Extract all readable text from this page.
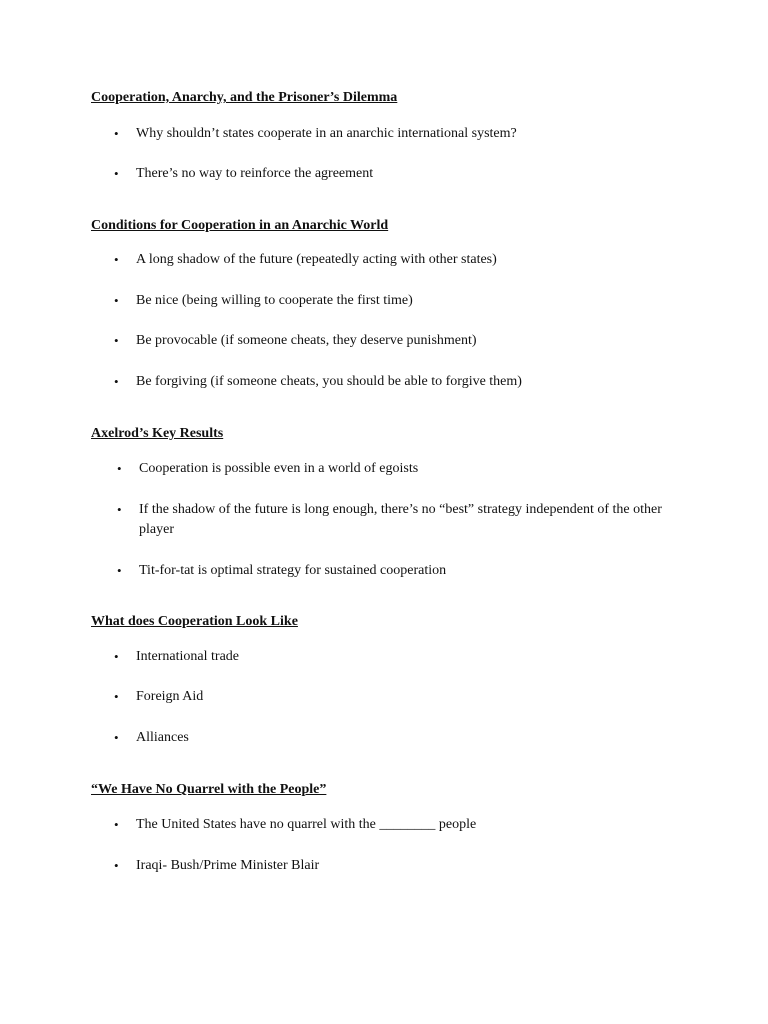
Cooperation, Anarchy, and the Prisoner’s Dilemma
•	Why shouldn’t states cooperate in an anarchic international system?
•	There’s no way to reinforce the agreement
Conditions for Cooperation in an Anarchic World
•	A long shadow of the future (repeatedly acting with other states)
•	Be nice (being willing to cooperate the first time)
•	Be provocable (if someone cheats, they deserve punishment)
•	Be forgiving (if someone cheats, you should be able to forgive them)
Axelrod’s Key Results
•	Cooperation is possible even in a world of egoists
•	If the shadow of the future is long enough, there’s no “best” strategy independent of the other player
•	Tit-for-tat is optimal strategy for sustained cooperation
What does Cooperation Look Like
•	International trade
•	Foreign Aid
•	Alliances
“We Have No Quarrel with the People”
•	The United States have no quarrel with the ________ people
•	Iraqi- Bush/Prime Minister Blair
